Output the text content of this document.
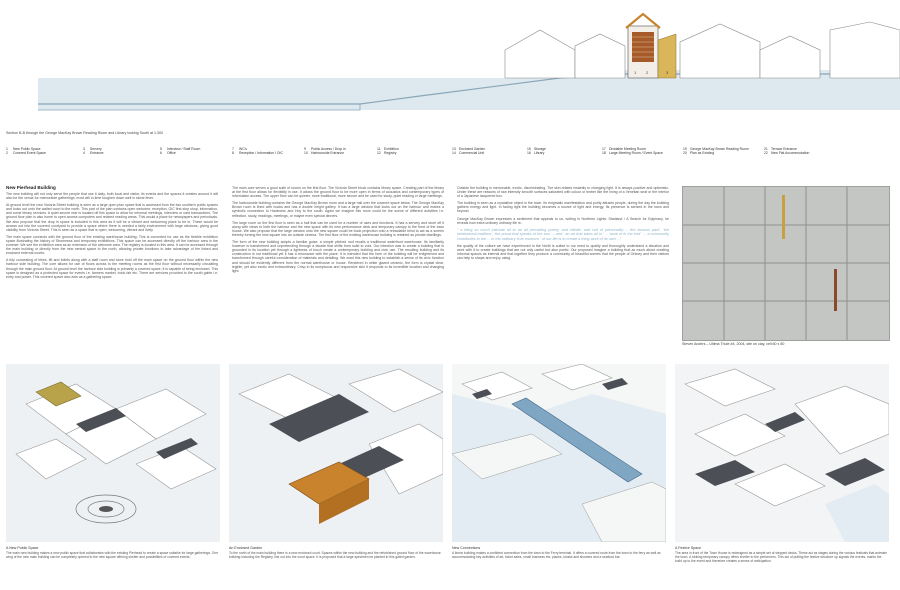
1 2	3
Section B-B through the George MacKay Brown Reading Room and Library looking South at 1:300
1 New Public Space
2 Covered Event Space
3 Servery
4 Entrance
5 Interview / Staff Room
6 Office
7 WC's
8 Reception / Information / OIC
9 Public Access / Drop in
10 Harbourside Entrance
11 Exhibition
12 Registry
13 Enclosed Garden
14 Commercial Unit
15 Storage
16 Library
17 Dividable Meeting Room
18 Large Meeting Room / Event Space
19 George MacKay Brown Reading Room
20 Plan as Existing
21 Terrace Entrance
22 New Flat Accommodation
New Pierhead Building

The new building will not only serve the people that use it daily, both local and visitor, its events and the spaces it creates around it will also be the venue for memorable gatherings, most will in-time toughen down well in stone fever.

At ground level the new Victoria Street building is seen as a large open plan space that is accessed from the two southern public spaces and looks out onto the walled court to the north. This part of the plan contains open welcome, reception, OIC first stop shop, information, and some library services. A quiet secure rear is located off this space to allow for informal meetings, interview or card transactions. The ground floor plan is also home to open access computers and relaxed reading areas. This would a place for newspapers and periodicals. We also propose that the drop in space is included in this area as it will be a vibrant and welcoming place to be in. These would be access out into the covered courtyard to provide a space where there is needed a fairly environment with large windows, giving good visibility from Victoria Street. This is seen as a space that is open, welcoming, vibrant and lively.

The main space connects with the ground floor of the existing warehouse building. This is converted for use as the flexible exhibition space illustrating the history of Stromness and temporary exhibitions. This space can be accessed directly off the harbour area in the summer. We see the exhibition area as an extension of the welcome area. The registry is located in this area. It can be accessed through the main building or directly from the new central space to the north, allowing private functions to take advantage of the linked and enclosed external courts.

A tidy concealing of bikes, lift and toilets along with a staff room and store hold off the main space on the ground floor within the new harbour side building. The core allows for use of floors across to the meeting rooms as the first floor without necessarily circulating through the main ground floor. At ground level the harbour side building is primarily a covered space; it is capable of being enclosed. This space is designed as a protected space for events i.e. farmers market, book fair etc. There are services provided to the south gable i.e. entry and power. This covered space also acts as a gathering space.

The main core serves a good suite of rooms on the first floor. The Victoria Street block contains library space. Creating part of the library at the first floor allows for flexibility in use. It allows the ground floor to be more open in terms of acoustics and contemporary types of information access. The upper floor can be quieter, more traditional, more secure and be used for study, quiet reading or large meetings.

The harbourside building contains the George MacKay Brown room and a large hall over the covered space below. The George MacKay Brown room is lined with books and has a double height gallery. It has a large window that looks out on the harbour and makes a symbolic connection to Hackness and Hoy to the south. Again we imagine this room could be the scene of different activities i.e. reflection, study, readings, meetings, or maybe even special dinners.

The large room on the first floor is seen as a hall that can be used for a number of uses and functions. It has a servery and store off it along with views to both the harbour and the new space with its new performance deck and temporary canopy to the front of the town house. We also propose that the large window onto the new square could be book projection onto a retractable blind to act as a screen thereby turning the new square into an outside cinema. The first floor of the existing warehouse building is retained as private dwellings.

The form of the new building adopts a familiar guise: a simple pitched roof recalls a traditional waterfront warehouse. Its familiarity however is transformed and unpretending through a facade that shifts from solid to void. Our intention was to create a building that is grounded in its location yet through a lightness of touch create a contemporary building and civic use. The resulting building and its construction is not traditional yet it has a resonance with the place. It is intended that the form of the building will be enlightened and transformed through careful consideration of materials and detailing. We want this new building to establish a sense of its civic function and should be evidently different from the normal warehouse or house. Rendered in white glazed ceramic, the form is crystal clear, legible, yet also exotic and extraordinary. Crisp in its sumptuous and responsive skin it responds to its incredible location and changing light.

Outside the building is memorable, exotic, discriminating. The skin relates instantly to changing light. It is always positive and optimistic. Under these are reasons of raw intensity smooth surfaces saturated with colour or timber like the lining of a Venetian seat or the interior of a Japanese lacquered box.

The building is seen as a crystalline object in the town. Its enigmatic manifestation and purity attracts people, during the day the building gathers energy and light. In fading light the building becomes a source of light and energy. Its presence is sensed in the town and beyond.

George MacKay Brown expresses a sentiment that appeals to us, writing in Northern Lights: Stadiand / A Search for Epiphany, he reveals how extra ordinary ordinary life is:

“ a thing so much intimate all to an all pervading poetry, and infinite, and cult of personality – ‘the famous past’, ‘the sentimental tradition’, ‘the proud that speaks of the sea ’ – and ‘ an art that takes all in ’ ... ‘work of in the end ’ ... a community contributes to the ... in the ordinary ‘true essence ’ of our life is to create a thing work of its own ...”

the quality of the culture we have experienced in the North is suited to our need to quality and thoroughly understand a situation and work with it to create buildings that are not only useful but also poetic. Our proposed imagine a building that as much about creating informal spaces as internal and that together they produce a community of beautiful scenes that the people of Orkney and their visitors can help to shape and enjoy using.

Steven Anders – Ultima Thule #4, 2004, site on clay, cell 60 x 80
A New Public Space
The main new building makes a new public space that collaborates with the existing Pierhead to create a space suitable for large gatherings. One wing of the new main building can be completely opened to the new square offering shelter and possibilities of covered events.
An Enclosed Garden
To the north of the main building there is a new enclosed court. Spaces within the new building and the refurbished ground floor of the warehouse building including the Registry, link out into the court space. It is proposed that a large specimen be planted in this gated garden.
New Connections
A linear building makes a confident connection from the town to the Ferry terminal. It offers a covered route from the town to the ferry as well as accommodating key activities of art, ticket sales, small business etc. places, kiosks and showers and a seafood bar.
A Festive Space
The area in front of the Town House is redesigned as a simple set of stepped decks. These act as stages during the various festivals that animate the town. A striking temporary canopy offers shelter to the performers. This act of putting the festive structure up signals the events, marks the build up to the event and therefore creates a sense of anticipation.
